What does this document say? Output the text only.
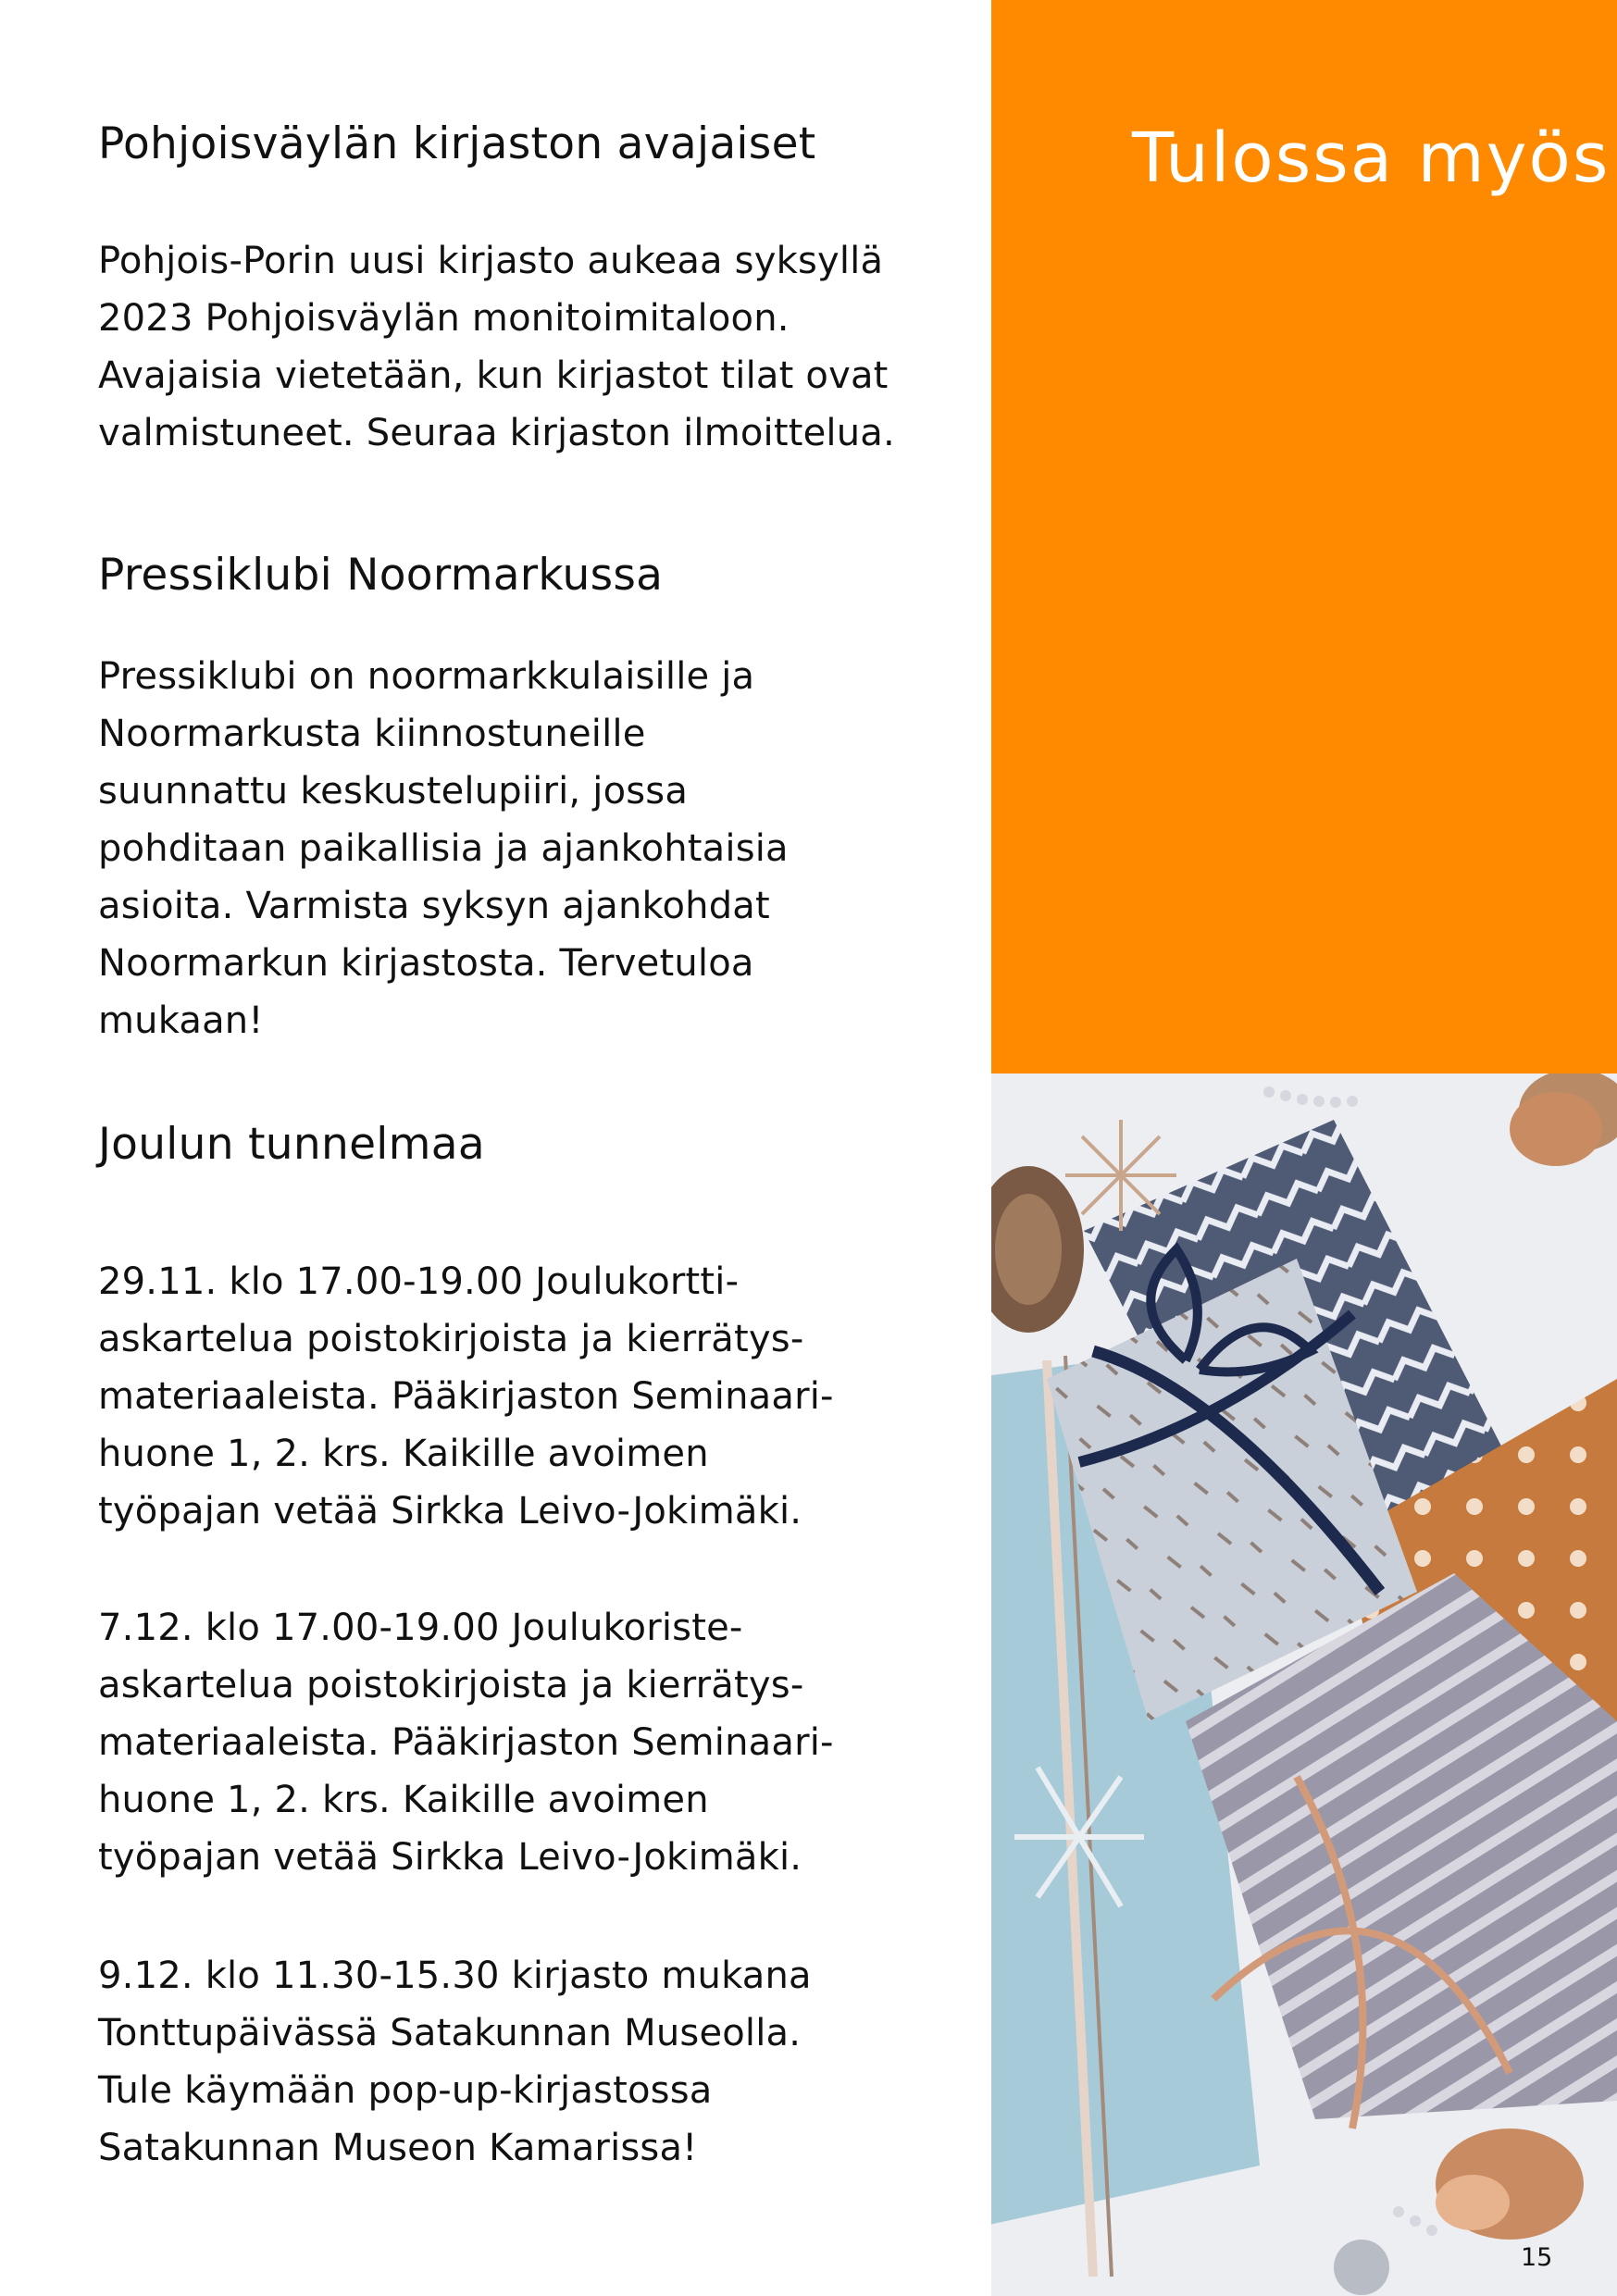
Pohjoisväylän kirjaston avajaiset

Pohjois-Porin uusi kirjasto aukeaa syksyllä
2023 Pohjoisväylän monitoimitaloon.
Avajaisia vietetään, kun kirjastot tilat ovat
valmistuneet. Seuraa kirjaston ilmoittelua.

Pressiklubi Noormarkussa

Pressiklubi on noormarkkulaisille ja
Noormarkusta kiinnostuneille
suunnattu keskustelupiiri, jossa
pohditaan paikallisia ja ajankohtaisia
asioita. Varmista syksyn ajankohdat
Noormarkun kirjastosta. Tervetuloa
mukaan!

Joulun tunnelmaa

29.11. klo 17.00-19.00 Joulukortti-
askartelua poistokirjoista ja kierrätys-
materiaaleista. Pääkirjaston Seminaari-
huone 1, 2. krs. Kaikille avoimen
työpajan vetää Sirkka Leivo-Jokimäki.

7.12. klo 17.00-19.00 Joulukoriste-
askartelua poistokirjoista ja kierrätys-
materiaaleista. Pääkirjaston Seminaari-
huone 1, 2. krs. Kaikille avoimen
työpajan vetää Sirkka Leivo-Jokimäki.

9.12. klo 11.30-15.30 kirjasto mukana
Tonttupäivässä Satakunnan Museolla.
Tule käymään pop-up-kirjastossa
Satakunnan Museon Kamarissa!

Tulossa myös
15
